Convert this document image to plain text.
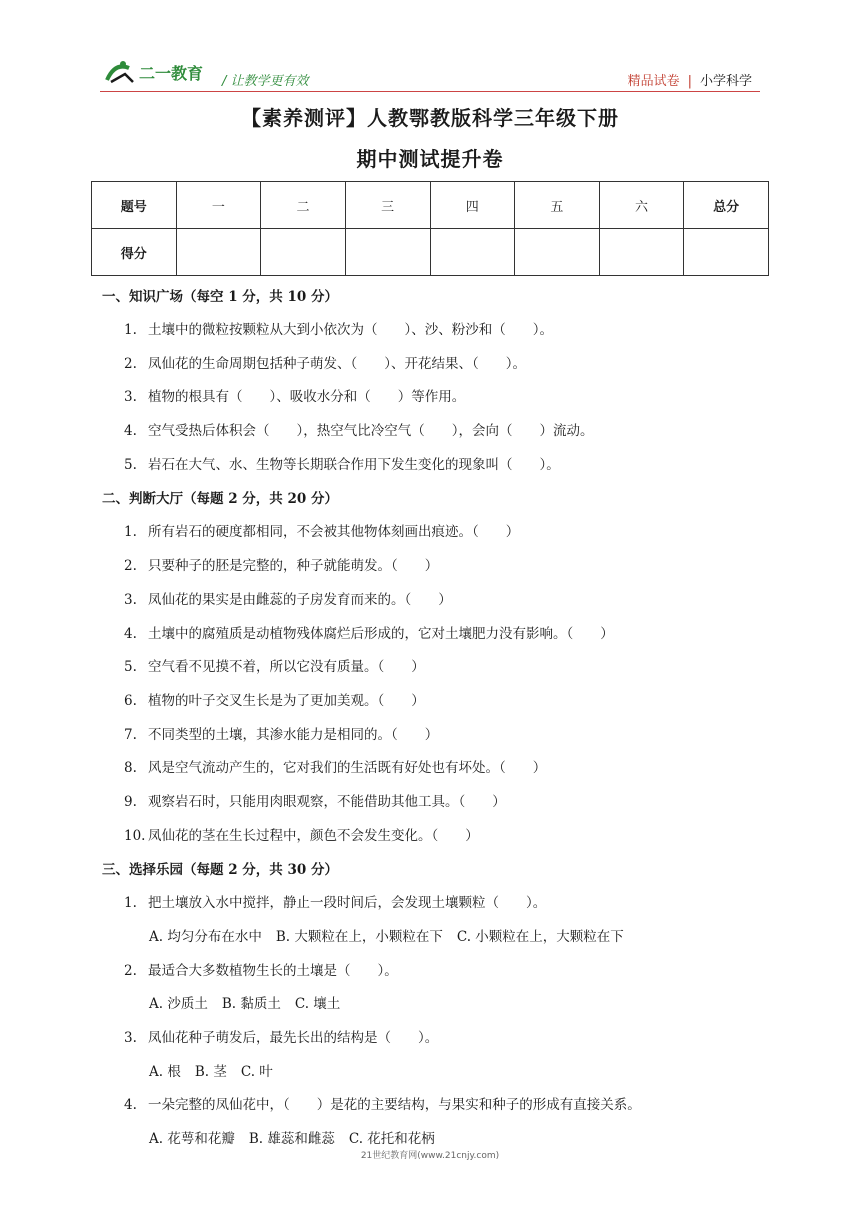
二一教育 / 让教学更有效	精品试卷 | 小学科学
【素养测评】人教鄂教版科学三年级下册
期中测试提升卷
题号	一	二	三	四	五	六	总分
得分							
一、知识广场（每空 1 分，共 10 分）
1. 土壤中的微粒按颗粒从大到小依次为（　　）、沙、粉沙和（　　）。
2. 凤仙花的生命周期包括种子萌发、（　　）、开花结果、（　　）。
3. 植物的根具有（　　）、吸收水分和（　　）等作用。
4. 空气受热后体积会（　　），热空气比冷空气（　　），会向（　　）流动。
5. 岩石在大气、水、生物等长期联合作用下发生变化的现象叫（　　）。
二、判断大厅（每题 2 分，共 20 分）
1. 所有岩石的硬度都相同，不会被其他物体刻画出痕迹。（　　）
2. 只要种子的胚是完整的，种子就能萌发。（　　）
3. 凤仙花的果实是由雌蕊的子房发育而来的。（　　）
4. 土壤中的腐殖质是动植物残体腐烂后形成的，它对土壤肥力没有影响。（　　）
5. 空气看不见摸不着，所以它没有质量。（　　）
6. 植物的叶子交叉生长是为了更加美观。（　　）
7. 不同类型的土壤，其渗水能力是相同的。（　　）
8. 风是空气流动产生的，它对我们的生活既有好处也有坏处。（　　）
9. 观察岩石时，只能用肉眼观察，不能借助其他工具。（　　）
10. 凤仙花的茎在生长过程中，颜色不会发生变化。（　　）
三、选择乐园（每题 2 分，共 30 分）
1. 把土壤放入水中搅拌，静止一段时间后，会发现土壤颗粒（　　）。
A. 均匀分布在水中 B. 大颗粒在上，小颗粒在下 C. 小颗粒在上，大颗粒在下
2. 最适合大多数植物生长的土壤是（　　）。
A. 沙质土 B. 黏质土 C. 壤土
3. 凤仙花种子萌发后，最先长出的结构是（　　）。
A. 根 B. 茎 C. 叶
4. 一朵完整的凤仙花中，（　　）是花的主要结构，与果实和种子的形成有直接关系。
A. 花萼和花瓣 B. 雄蕊和雌蕊 C. 花托和花柄
21世纪教育网(www.21cnjy.com)
